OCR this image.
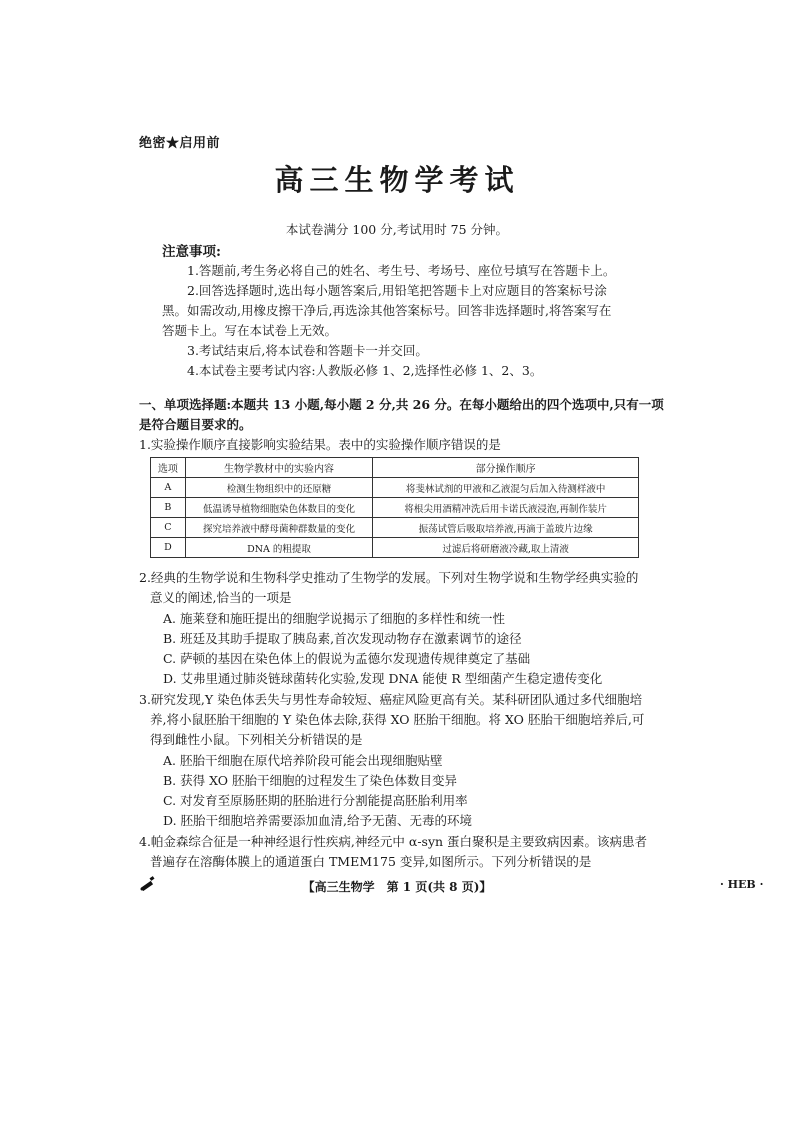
绝密★启用前
高三生物学考试
本试卷满分 100 分,考试用时 75 分钟。
注意事项:
1.答题前,考生务必将自己的姓名、考生号、考场号、座位号填写在答题卡上。
2.回答选择题时,选出每小题答案后,用铅笔把答题卡上对应题目的答案标号涂
黑。如需改动,用橡皮擦干净后,再选涂其他答案标号。回答非选择题时,将答案写在
答题卡上。写在本试卷上无效。
3.考试结束后,将本试卷和答题卡一并交回。
4.本试卷主要考试内容:人教版必修 1、2,选择性必修 1、2、3。
一、单项选择题:本题共 13 小题,每小题 2 分,共 26 分。在每小题给出的四个选项中,只有一项
是符合题目要求的。
1.实验操作顺序直接影响实验结果。表中的实验操作顺序错误的是
选项	生物学教材中的实验内容	部分操作顺序
A	检测生物组织中的还原糖	将斐林试剂的甲液和乙液混匀后加入待测样液中
B	低温诱导植物细胞染色体数目的变化	将根尖用酒精冲洗后用卡诺氏液浸泡,再制作装片
C	探究培养液中酵母菌种群数量的变化	振荡试管后吸取培养液,再滴于盖玻片边缘
D	DNA 的粗提取	过滤后将研磨液冷藏,取上清液
2.经典的生物学说和生物科学史推动了生物学的发展。下列对生物学说和生物学经典实验的
意义的阐述,恰当的一项是
A. 施莱登和施旺提出的细胞学说揭示了细胞的多样性和统一性
B. 班廷及其助手提取了胰岛素,首次发现动物存在激素调节的途径
C. 萨顿的基因在染色体上的假说为孟德尔发现遗传规律奠定了基础
D. 艾弗里通过肺炎链球菌转化实验,发现 DNA 能使 R 型细菌产生稳定遗传变化
3.研究发现,Y 染色体丢失与男性寿命较短、癌症风险更高有关。某科研团队通过多代细胞培
养,将小鼠胚胎干细胞的 Y 染色体去除,获得 XO 胚胎干细胞。将 XO 胚胎干细胞培养后,可
得到雌性小鼠。下列相关分析错误的是
A. 胚胎干细胞在原代培养阶段可能会出现细胞贴壁
B. 获得 XO 胚胎干细胞的过程发生了染色体数目变异
C. 对发育至原肠胚期的胚胎进行分割能提高胚胎利用率
D. 胚胎干细胞培养需要添加血清,给予无菌、无毒的环境
4.帕金森综合征是一种神经退行性疾病,神经元中 α-syn 蛋白聚积是主要致病因素。该病患者
普遍存在溶酶体膜上的通道蛋白 TMEM175 变异,如图所示。下列分析错误的是
【高三生物学　第 1 页(共 8 页)】	· HEB ·
